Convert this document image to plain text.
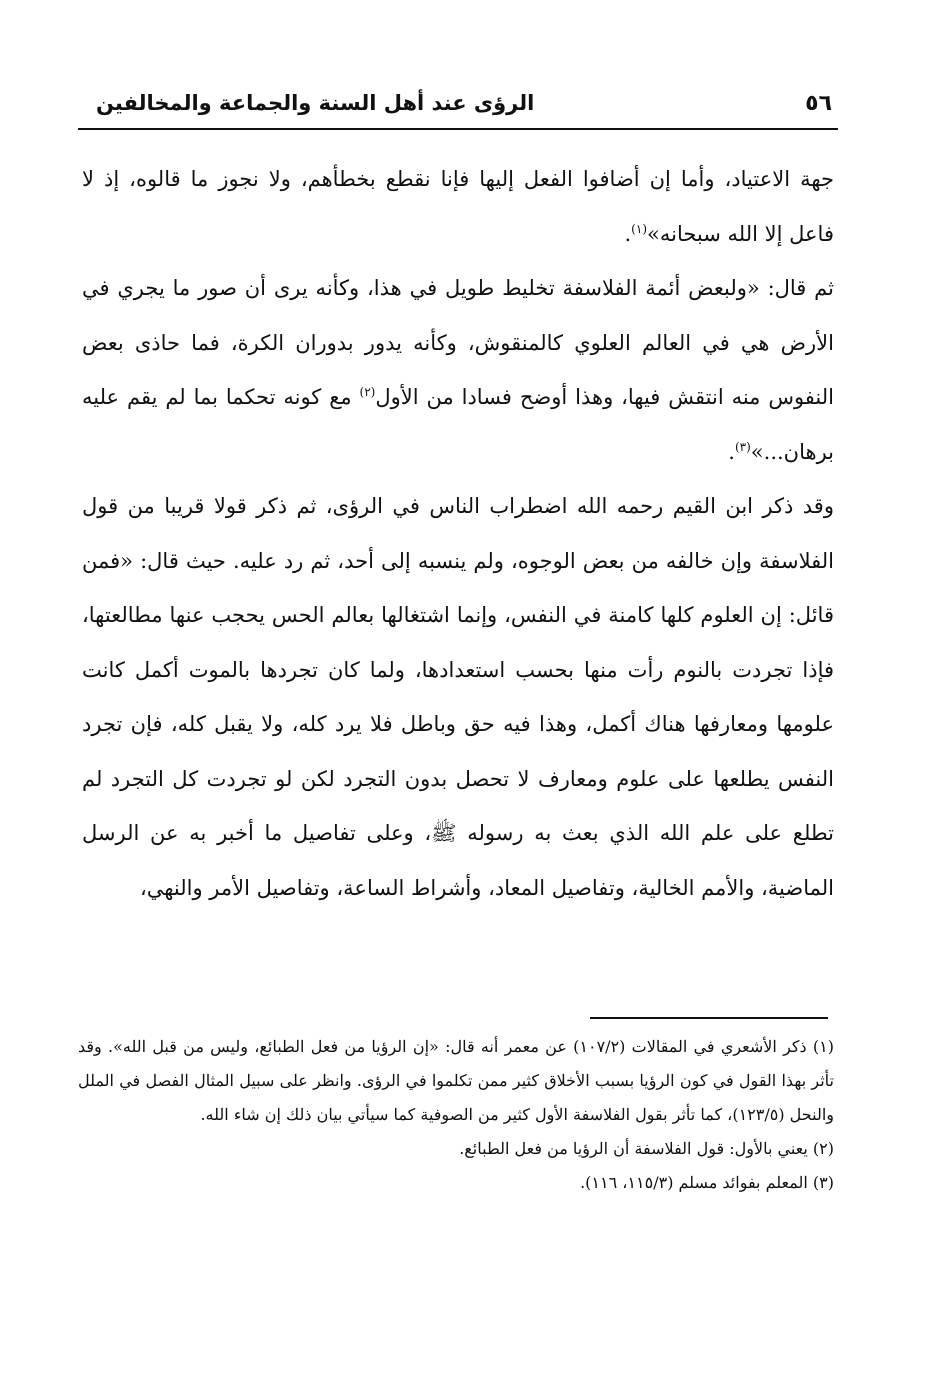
٥٦
الرؤى عند أهل السنة والجماعة والمخالفين

جهة الاعتياد، وأما إن أضافوا الفعل إليها فإنا نقطع بخطأهم، ولا نجوز ما قالوه، إذ لا فاعل إلا الله سبحانه»$^{(١)}$.

ثم قال: «ولبعض أئمة الفلاسفة تخليط طويل في هذا، وكأنه يرى أن صور ما يجري في الأرض هي في العالم العلوي كالمنقوش، وكأنه يدور بدوران الكرة، فما حاذى بعض النفوس منه انتقش فيها، وهذا أوضح فسادا من الأول$^{(٢)}$ مع كونه تحكما بما لم يقم عليه برهان...»$^{(٣)}$.

وقد ذكر ابن القيم رحمه الله اضطراب الناس في الرؤى، ثم ذكر قولا قريبا من قول الفلاسفة وإن خالفه من بعض الوجوه، ولم ينسبه إلى أحد، ثم رد عليه. حيث قال: «فمن قائل: إن العلوم كلها كامنة في النفس، وإنما اشتغالها بعالم الحس يحجب عنها مطالعتها، فإذا تجردت بالنوم رأت منها بحسب استعدادها، ولما كان تجردها بالموت أكمل كانت علومها ومعارفها هناك أكمل، وهذا فيه حق وباطل فلا يرد كله، ولا يقبل كله، فإن تجرد النفس يطلعها على علوم ومعارف لا تحصل بدون التجرد لكن لو تجردت كل التجرد لم تطلع على علم الله الذي بعث به رسوله ﷺ، وعلى تفاصيل ما أخبر به عن الرسل الماضية، والأمم الخالية، وتفاصيل المعاد، وأشراط الساعة، وتفاصيل الأمر والنهي،

(١) ذكر الأشعري في المقالات (١٠٧/٢) عن معمر أنه قال: «إن الرؤيا من فعل الطبائع، وليس من قبل الله». وقد تأثر بهذا القول في كون الرؤيا بسبب الأخلاق كثير ممن تكلموا في الرؤى. وانظر على سبيل المثال الفصل في الملل والنحل (١٢٣/٥)، كما تأثر بقول الفلاسفة الأول كثير من الصوفية كما سيأتي بيان ذلك إن شاء الله.

(٢) يعني بالأول: قول الفلاسفة أن الرؤيا من فعل الطبائع.

(٣) المعلم بفوائد مسلم (١١٥/٣، ١١٦).
